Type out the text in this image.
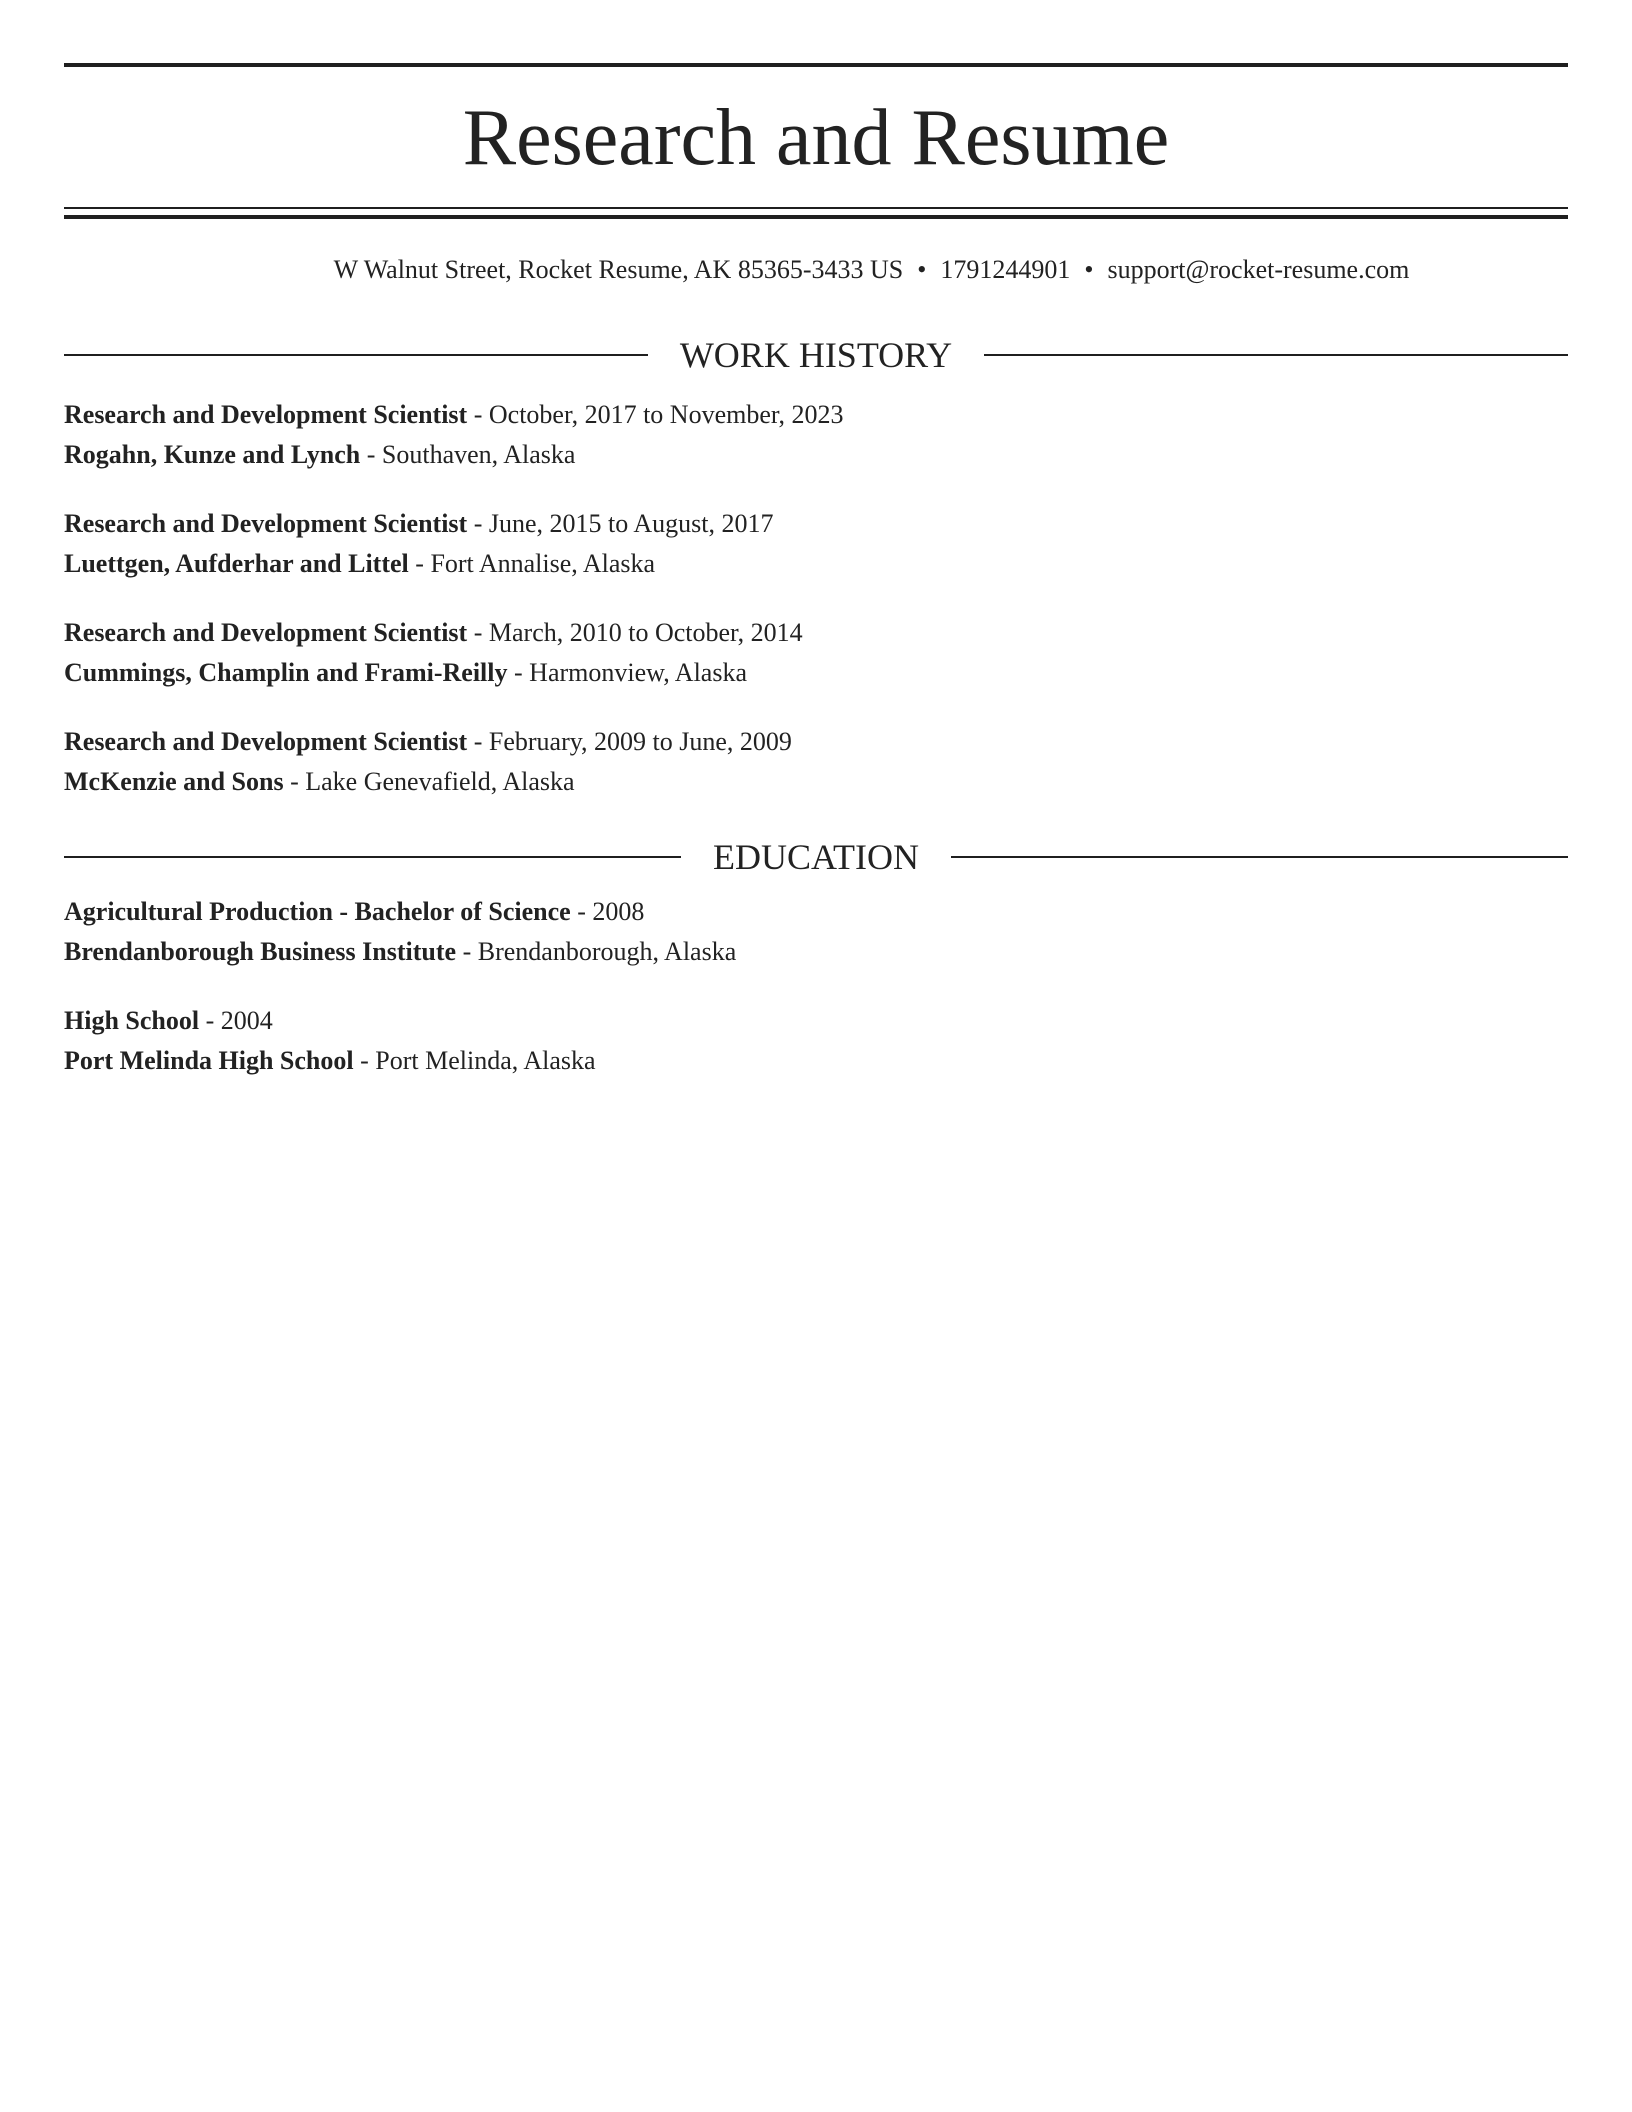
Research and Resume
W Walnut Street, Rocket Resume, AK 85365-3433 US • 1791244901 • support@rocket-resume.com
WORK HISTORY
Research and Development Scientist - October, 2017 to November, 2023
Rogahn, Kunze and Lynch - Southaven, Alaska
Research and Development Scientist - June, 2015 to August, 2017
Luettgen, Aufderhar and Littel - Fort Annalise, Alaska
Research and Development Scientist - March, 2010 to October, 2014
Cummings, Champlin and Frami-Reilly - Harmonview, Alaska
Research and Development Scientist - February, 2009 to June, 2009
McKenzie and Sons - Lake Genevafield, Alaska
EDUCATION
Agricultural Production - Bachelor of Science - 2008
Brendanborough Business Institute - Brendanborough, Alaska
High School - 2004
Port Melinda High School - Port Melinda, Alaska
